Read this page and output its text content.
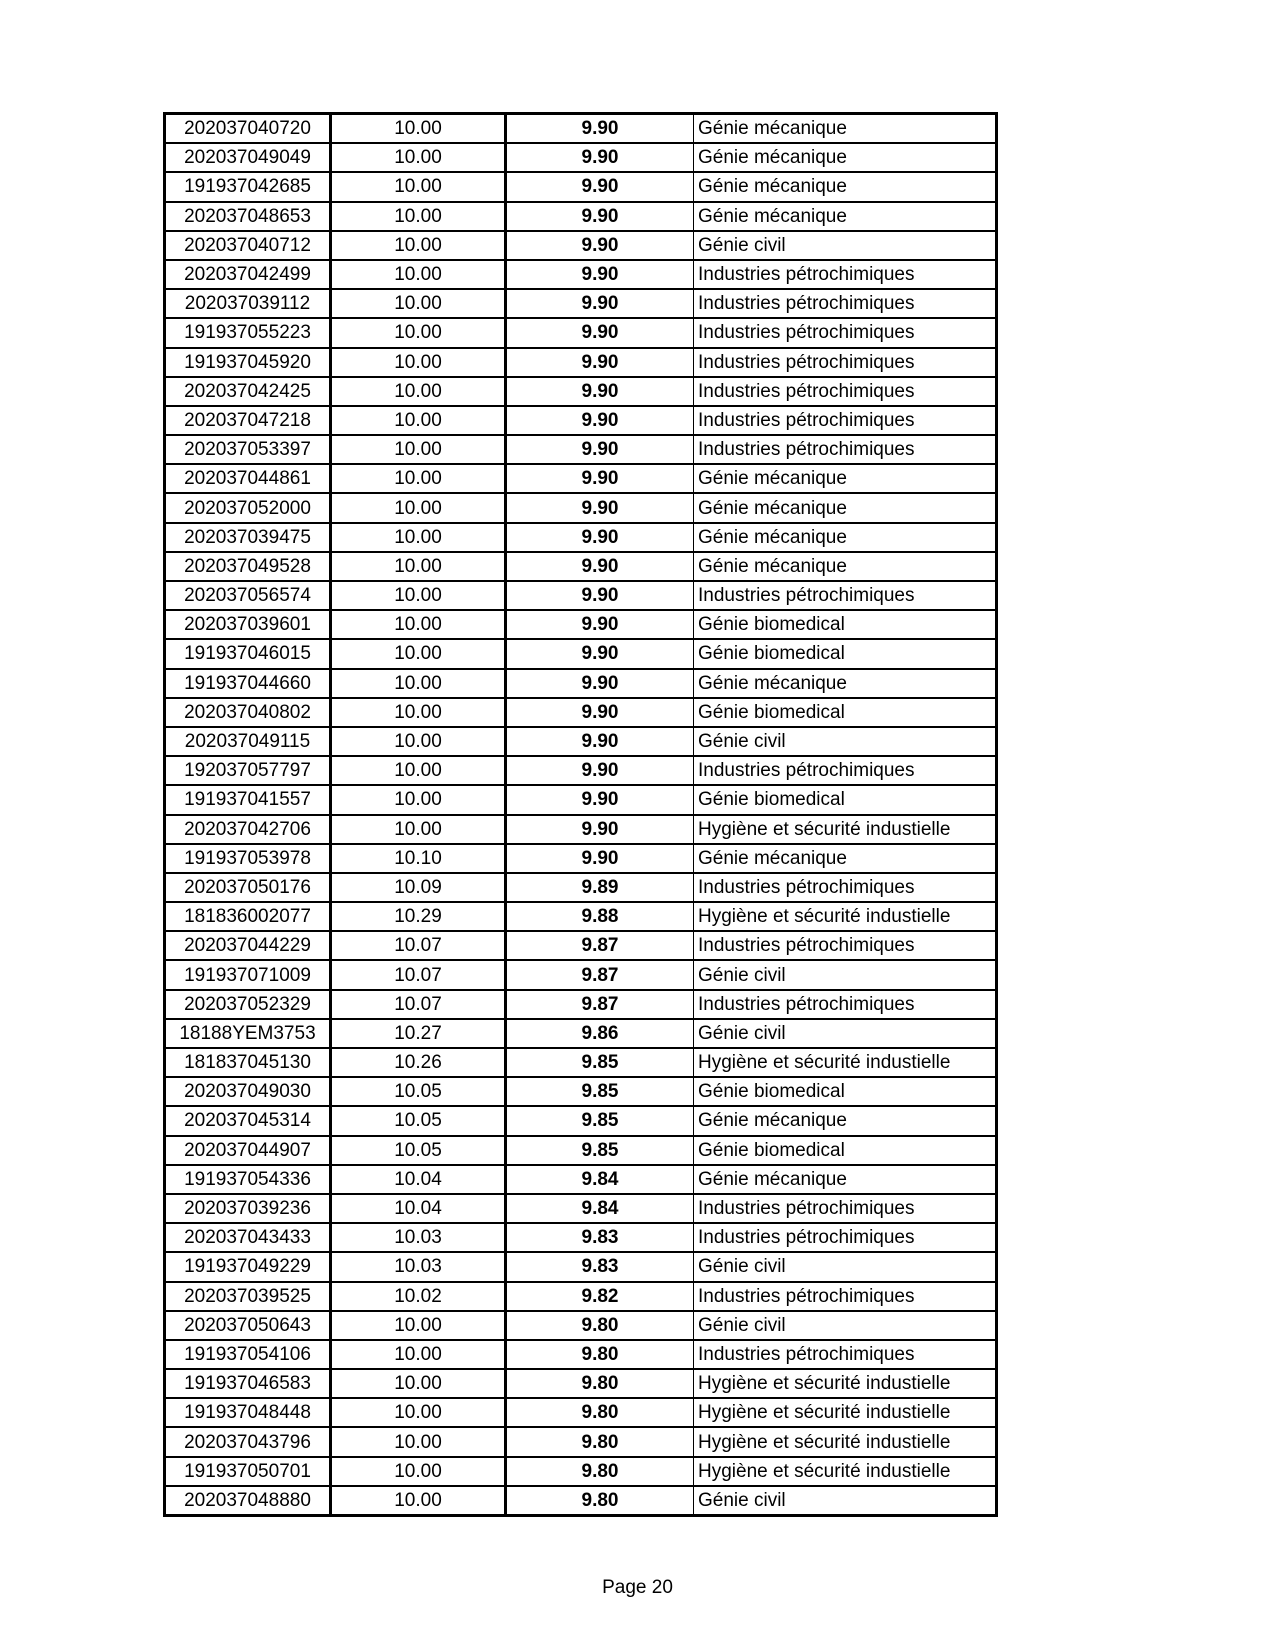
202037040720	10.00	9.90	Génie mécanique
202037049049	10.00	9.90	Génie mécanique
191937042685	10.00	9.90	Génie mécanique
202037048653	10.00	9.90	Génie mécanique
202037040712	10.00	9.90	Génie civil
202037042499	10.00	9.90	Industries pétrochimiques
202037039112	10.00	9.90	Industries pétrochimiques
191937055223	10.00	9.90	Industries pétrochimiques
191937045920	10.00	9.90	Industries pétrochimiques
202037042425	10.00	9.90	Industries pétrochimiques
202037047218	10.00	9.90	Industries pétrochimiques
202037053397	10.00	9.90	Industries pétrochimiques
202037044861	10.00	9.90	Génie mécanique
202037052000	10.00	9.90	Génie mécanique
202037039475	10.00	9.90	Génie mécanique
202037049528	10.00	9.90	Génie mécanique
202037056574	10.00	9.90	Industries pétrochimiques
202037039601	10.00	9.90	Génie biomedical
191937046015	10.00	9.90	Génie biomedical
191937044660	10.00	9.90	Génie mécanique
202037040802	10.00	9.90	Génie biomedical
202037049115	10.00	9.90	Génie civil
192037057797	10.00	9.90	Industries pétrochimiques
191937041557	10.00	9.90	Génie biomedical
202037042706	10.00	9.90	Hygiène et sécurité industielle
191937053978	10.10	9.90	Génie mécanique
202037050176	10.09	9.89	Industries pétrochimiques
181836002077	10.29	9.88	Hygiène et sécurité industielle
202037044229	10.07	9.87	Industries pétrochimiques
191937071009	10.07	9.87	Génie civil
202037052329	10.07	9.87	Industries pétrochimiques
18188YEM3753	10.27	9.86	Génie civil
181837045130	10.26	9.85	Hygiène et sécurité industielle
202037049030	10.05	9.85	Génie biomedical
202037045314	10.05	9.85	Génie mécanique
202037044907	10.05	9.85	Génie biomedical
191937054336	10.04	9.84	Génie mécanique
202037039236	10.04	9.84	Industries pétrochimiques
202037043433	10.03	9.83	Industries pétrochimiques
191937049229	10.03	9.83	Génie civil
202037039525	10.02	9.82	Industries pétrochimiques
202037050643	10.00	9.80	Génie civil
191937054106	10.00	9.80	Industries pétrochimiques
191937046583	10.00	9.80	Hygiène et sécurité industielle
191937048448	10.00	9.80	Hygiène et sécurité industielle
202037043796	10.00	9.80	Hygiène et sécurité industielle
191937050701	10.00	9.80	Hygiène et sécurité industielle
202037048880	10.00	9.80	Génie civil
Page 20
